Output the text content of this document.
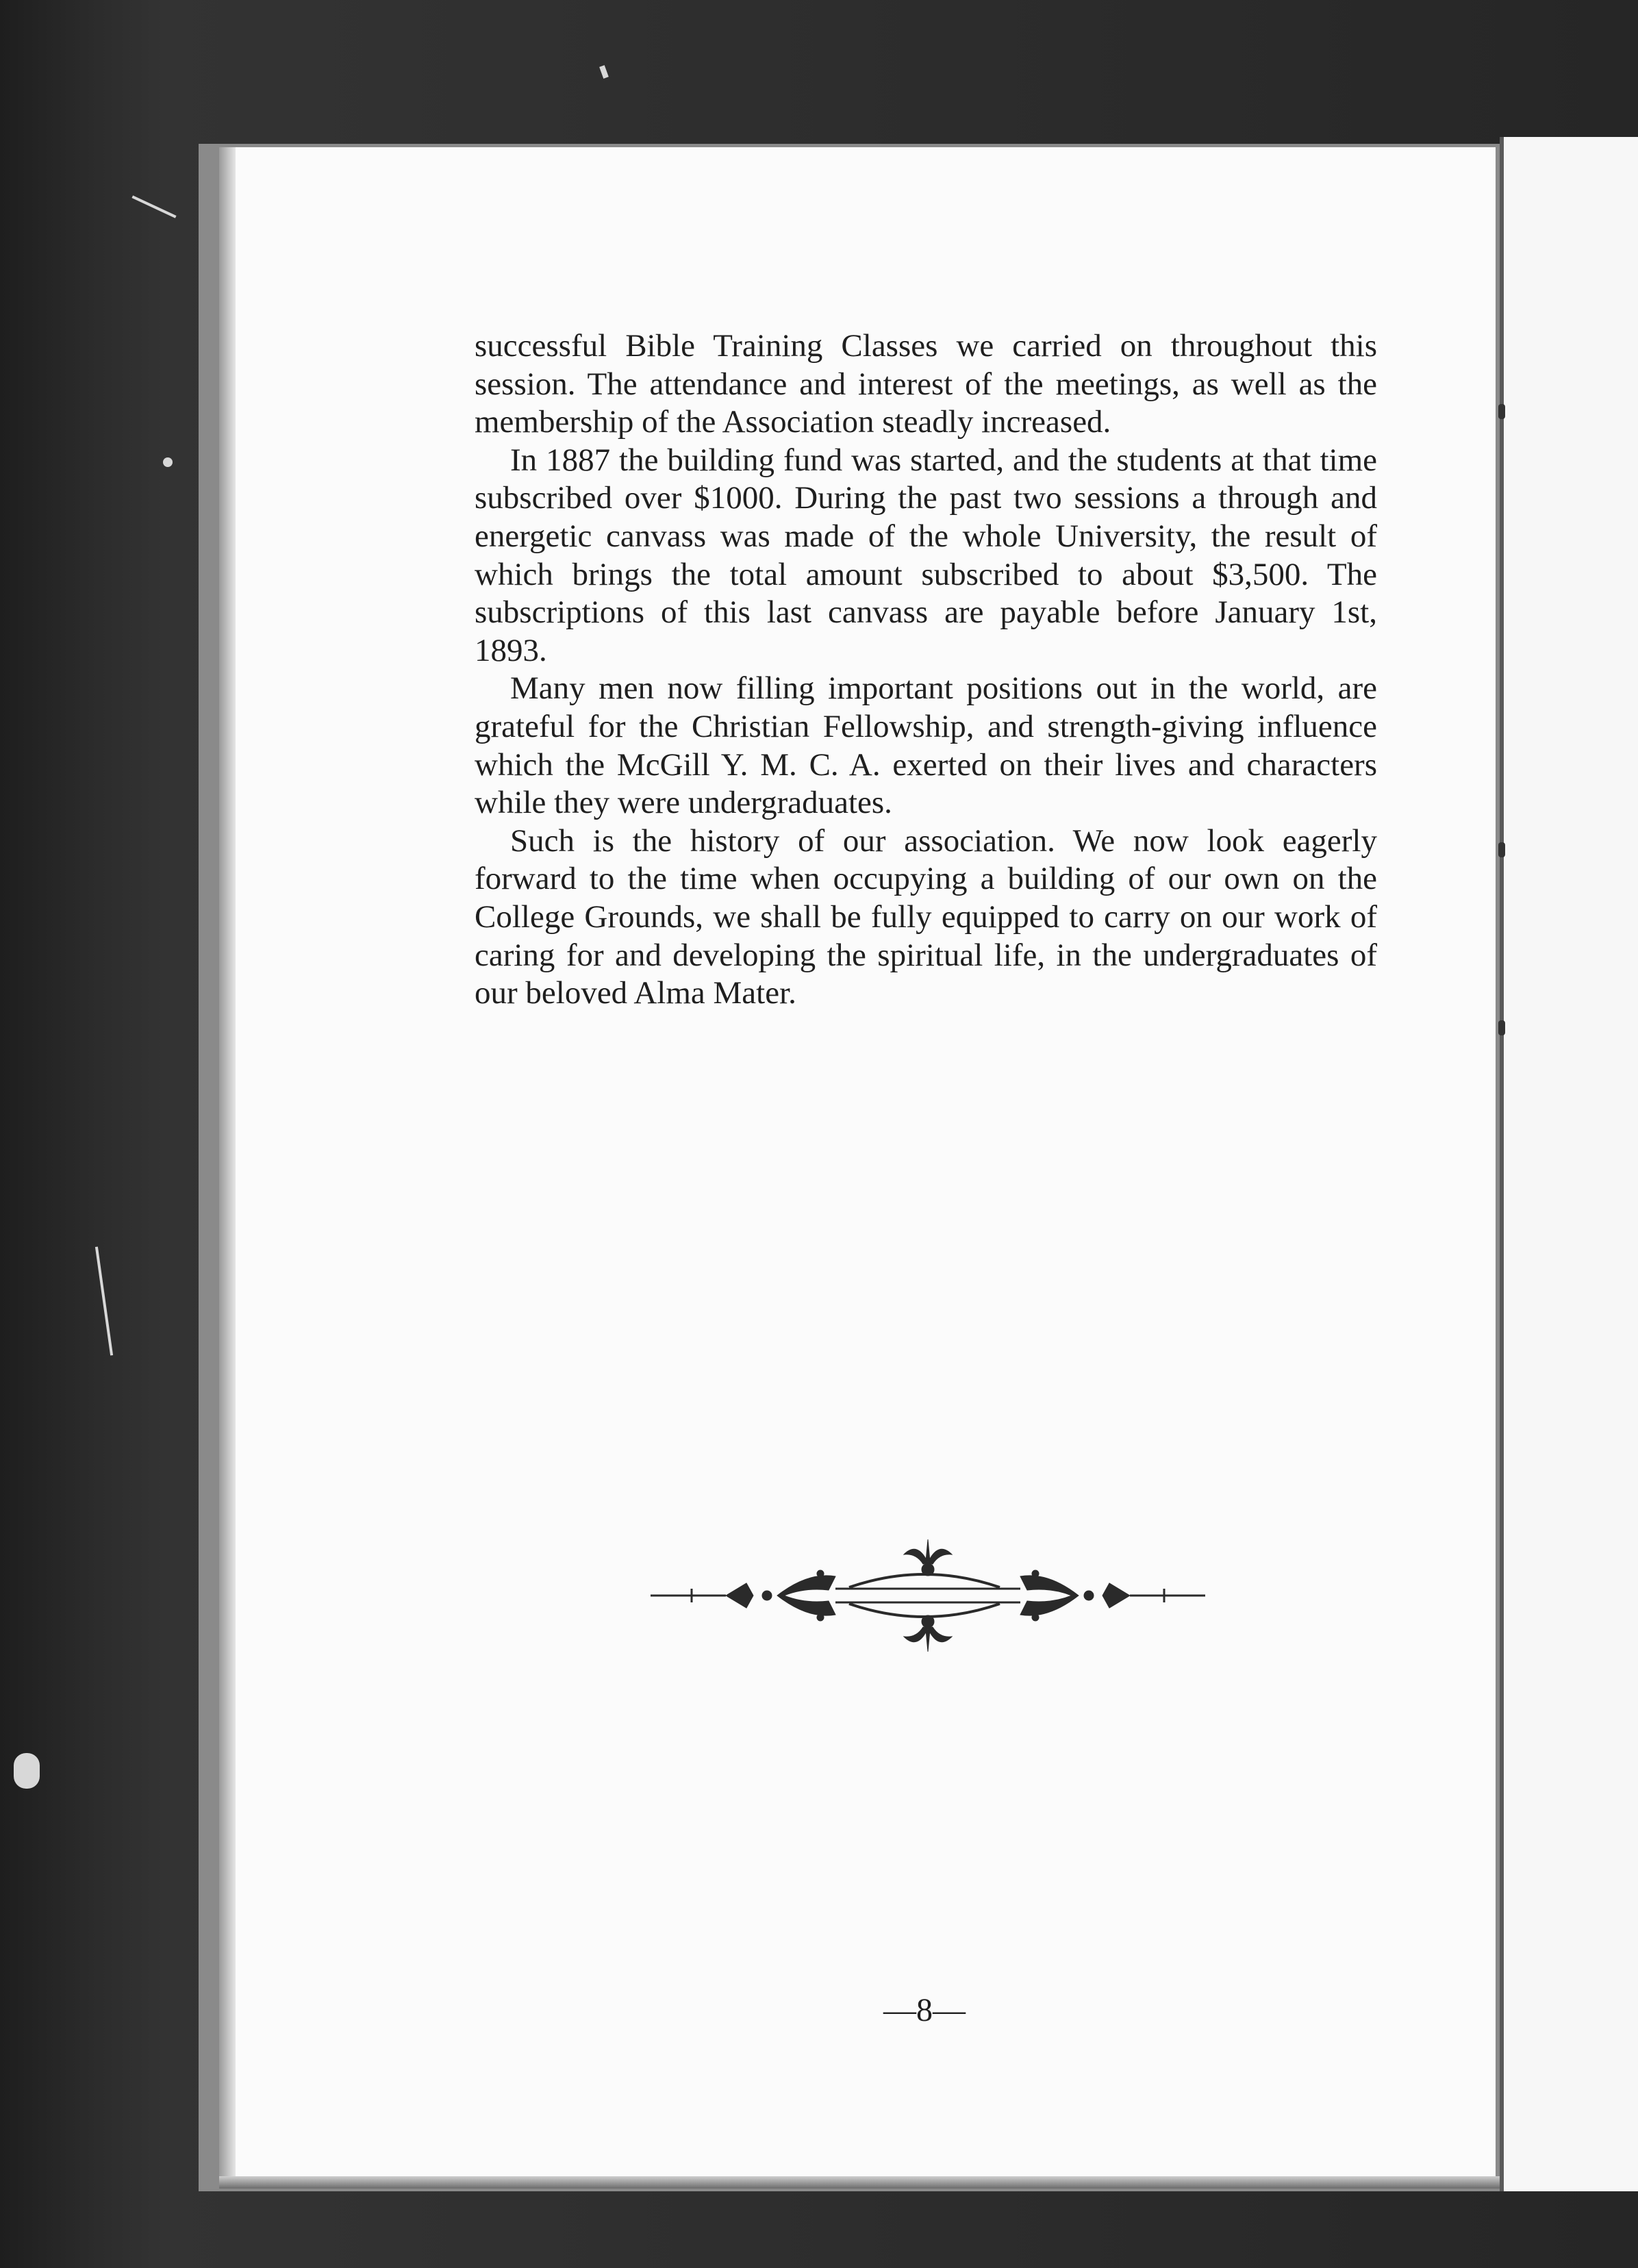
successful Bible Training Classes we carried on throughout this session. The attendance and interest of the meetings, as well as the membership of the Association steadly increased.

In 1887 the building fund was started, and the students at that time subscribed over $1000. During the past two sessions a through and energetic canvass was made of the whole University, the result of which brings the total amount subscribed to about $3,500. The subscriptions of this last canvass are payable before January 1st, 1893.

Many men now filling important positions out in the world, are grateful for the Christian Fellowship, and strength-giving influence which the McGill Y. M. C. A. exerted on their lives and characters while they were undergraduates.

Such is the history of our association. We now look eagerly forward to the time when occupying a building of our own on the College Grounds, we shall be fully equipped to carry on our work of caring for and developing the spiritual life, in the undergraduates of our beloved Alma Mater.

—8—
